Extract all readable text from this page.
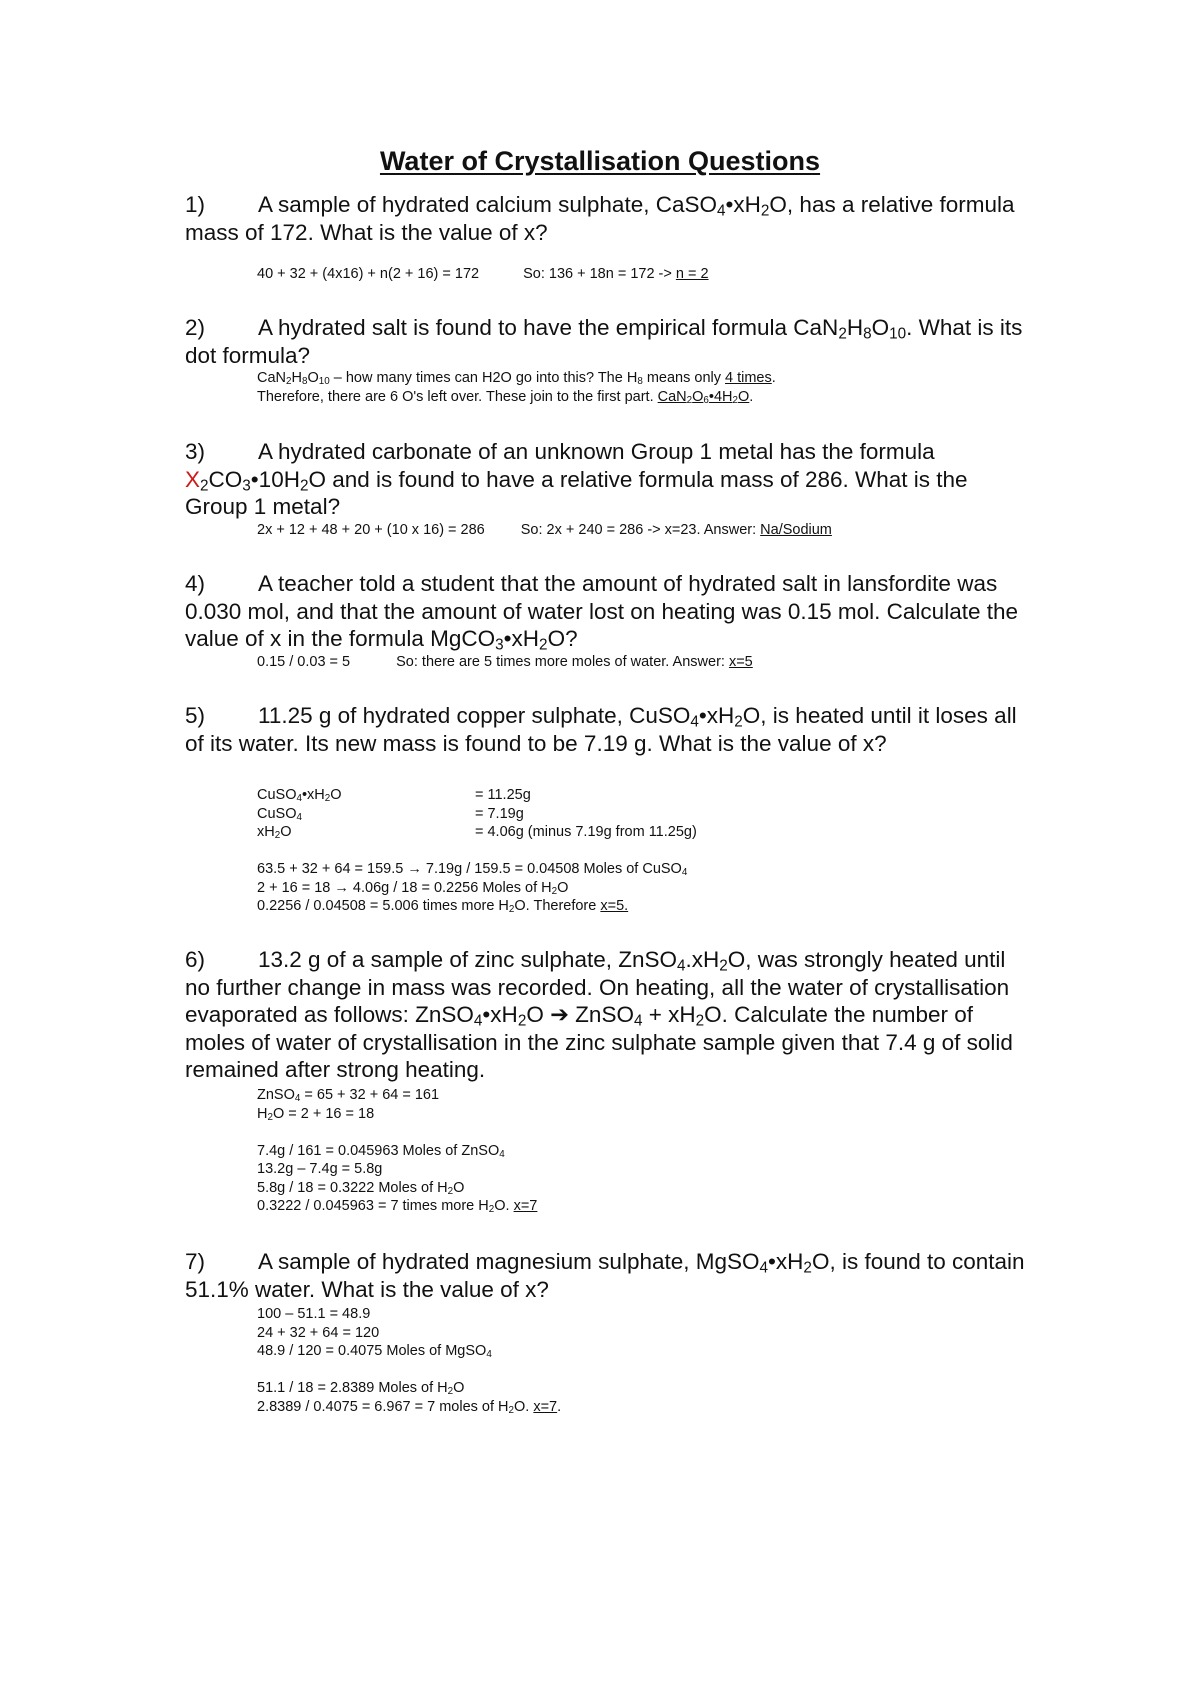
Water of Crystallisation Questions
1) A sample of hydrated calcium sulphate, $CaSO_4•xH_2O$, has a relative formula mass of 172. What is the value of x?
40 + 32 + (4x16) + n(2 + 16) = 172	So: 136 + 18n = 172 -> n = 2
2) A hydrated salt is found to have the empirical formula $CaN_2H_8O_{10}$. What is its dot formula?
$CaN_2H_8O_{10}$ – how many times can H2O go into this? The $H_8$ means only 4 times.
Therefore, there are 6 O's left over. These join to the first part. $CaN_2O_6•4H_2O$.
3) A hydrated carbonate of an unknown Group 1 metal has the formula $X_2CO_3•10H_2O$ and is found to have a relative formula mass of 286. What is the Group 1 metal?
2x + 12 + 48 + 20 + (10 x 16) = 286 So: 2x + 240 = 286 -> x=23. Answer: Na/Sodium
4) A teacher told a student that the amount of hydrated salt in lansfordite was 0.030 mol, and that the amount of water lost on heating was 0.15 mol. Calculate the value of x in the formula $MgCO_3•xH_2O$?
0.15 / 0.03 = 5	So: there are 5 times more moles of water. Answer: x=5
5) 11.25 g of hydrated copper sulphate, $CuSO_4•xH_2O$, is heated until it loses all of its water. Its new mass is found to be 7.19 g. What is the value of x?
$CuSO_4•xH_2O$	= 11.25g
CuSO$_4$	= 7.19g
$xH_2O$	= 4.06g (minus 7.19g from 11.25g)
63.5 + 32 + 64 = 159.5 → 7.19g / 159.5 = 0.04508 Moles of CuSO$_4$
2 + 16 = 18 → 4.06g / 18 = 0.2256 Moles of $H_2O$
0.2256 / 0.04508 = 5.006 times more $H_2O$. Therefore x=5.
6) 13.2 g of a sample of zinc sulphate, $ZnSO_4.xH_2O$, was strongly heated until no further change in mass was recorded. On heating, all the water of crystallisation evaporated as follows: $ZnSO_4•xH_2O$ ➔ ZnSO$_4$ + $xH_2O$. Calculate the number of moles of water of crystallisation in the zinc sulphate sample given that 7.4 g of solid remained after strong heating.
ZnSO$_4$ = 65 + 32 + 64 = 161
$H_2O = 2 + 16 = 18$
7.4g / 161 = 0.045963 Moles of ZnSO$_4$
13.2g – 7.4g = 5.8g
5.8g / 18 = 0.3222 Moles of $H_2O$
0.3222 / 0.045963 = 7 times more $H_2O$. x=7
7) A sample of hydrated magnesium sulphate, $MgSO_4•xH_2O$, is found to contain 51.1% water. What is the value of x?
100 – 51.1 = 48.9
24 + 32 + 64 = 120
48.9 / 120 = 0.4075 Moles of MgSO$_4$
51.1 / 18 = 2.8389 Moles of $H_2O$
2.8389 / 0.4075 = 6.967 = 7 moles of $H_2O$. x=7.
